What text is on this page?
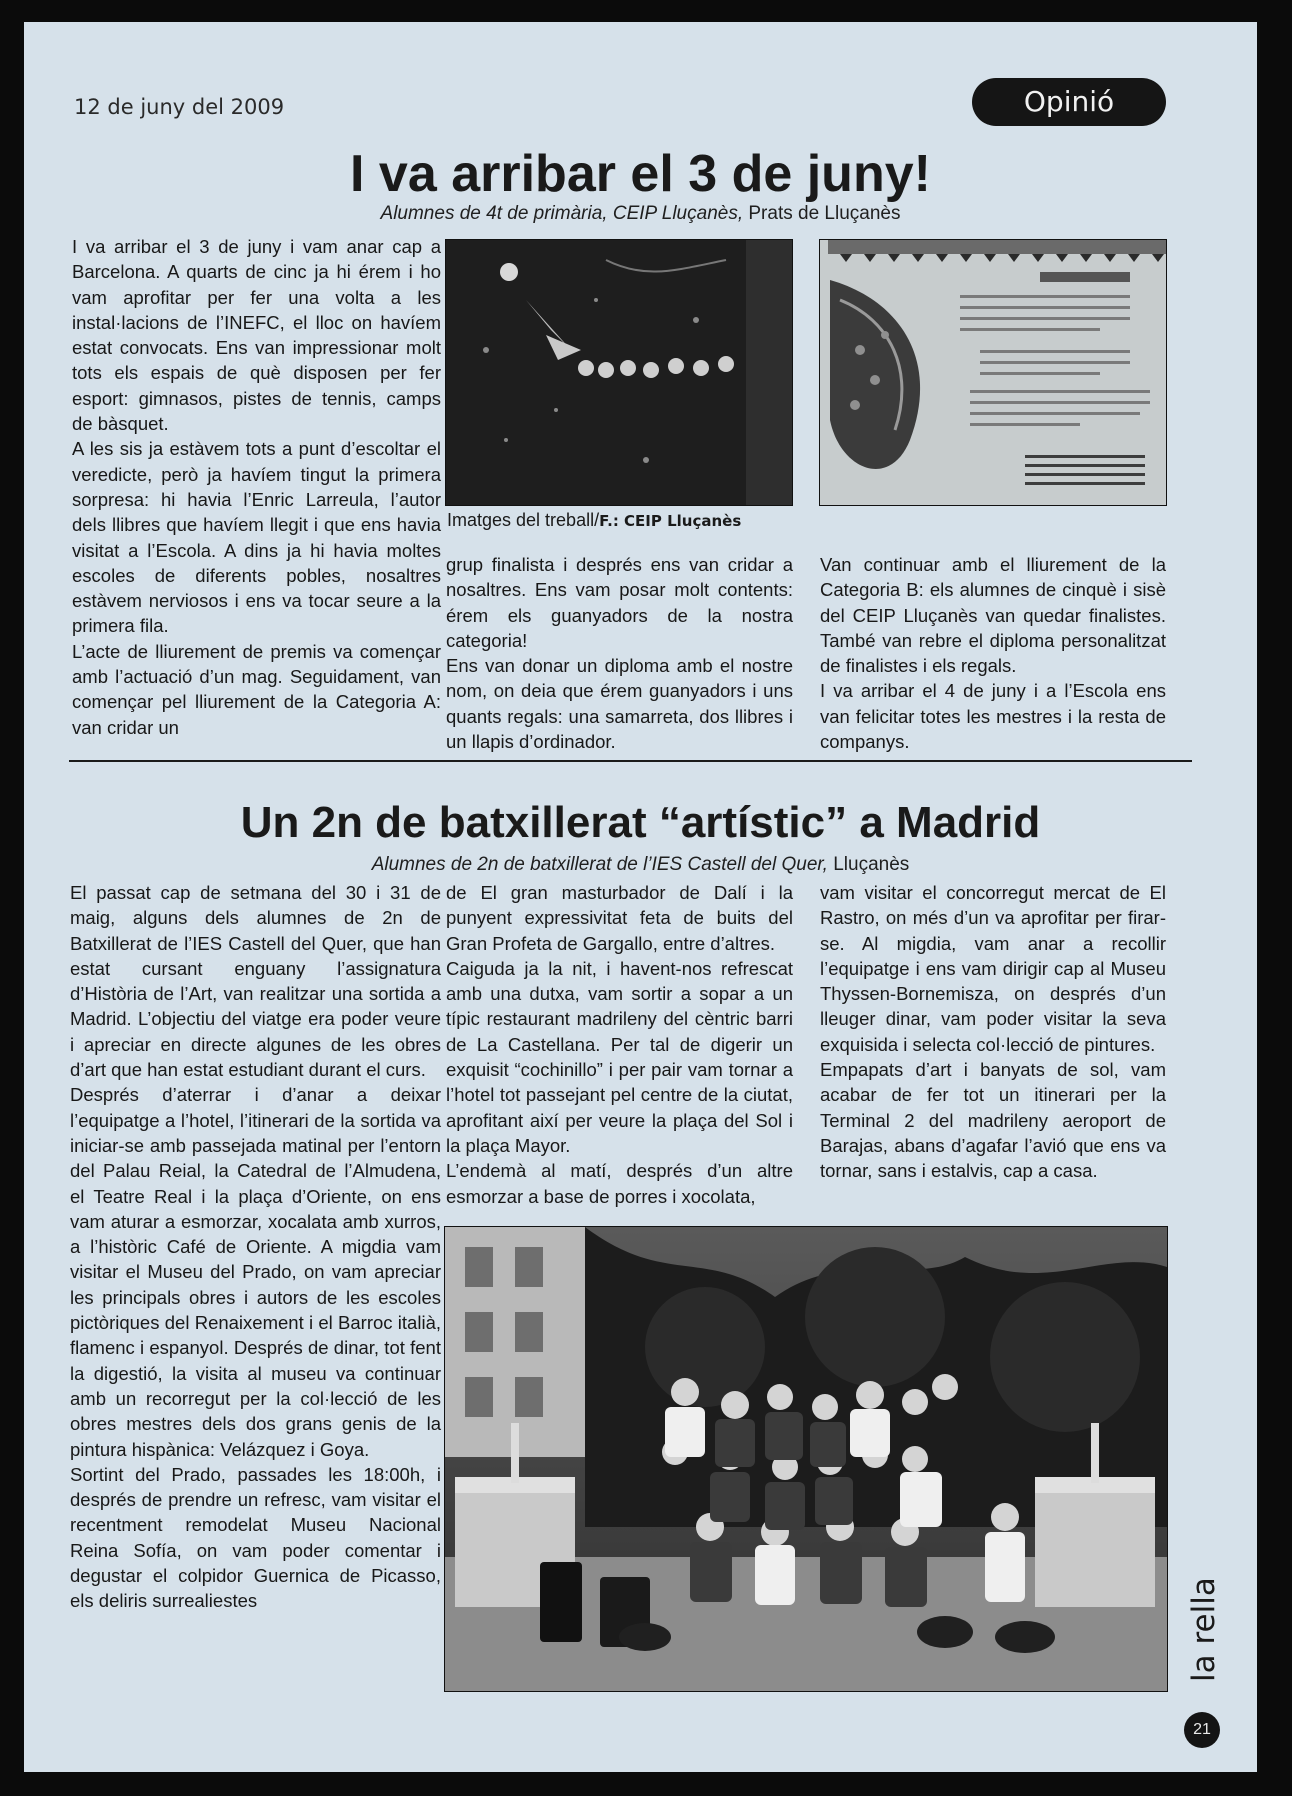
12 de juny del 2009	Opinió
I va arribar el 3 de juny!
Alumnes de 4t de primària, CEIP Lluçanès, Prats de Lluçanès

I va arribar el 3 de juny i vam anar cap a Barcelona. A quarts de cinc ja hi érem i ho vam aprofitar per fer una volta a les instal·lacions de l’INEFC, el lloc on havíem estat convocats. Ens van impressionar molt tots els espais de què disposen per fer esport: gimnasos, pistes de tennis, camps de bàsquet.

A les sis ja estàvem tots a punt d’escoltar el veredicte, però ja havíem tingut la primera sorpresa: hi havia l’Enric Larreula, l’autor dels llibres que havíem llegit i que ens havia visitat a l’Escola. A dins ja hi havia moltes escoles de diferents pobles, nosaltres estàvem nerviosos i ens va tocar seure a la primera fila.

L’acte de lliurement de premis va començar amb l’actuació d’un mag. Seguidament, van començar pel lliurement de la Categoria A: van cridar un

Imatges del treball/F.: CEIP Lluçanès

grup finalista i després ens van cridar a nosaltres. Ens vam posar molt contents: érem els guanyadors de la nostra categoria!

Ens van donar un diploma amb el nostre nom, on deia que érem guanyadors i uns quants regals: una samarreta, dos llibres i un llapis d’ordinador.

Van continuar amb el lliurement de la Categoria B: els alumnes de cinquè i sisè del CEIP Lluçanès van quedar finalistes. També van rebre el diploma personalitzat de finalistes i els regals.

I va arribar el 4 de juny i a l’Escola ens van felicitar totes les mestres i la resta de companys.

Un 2n de batxillerat “artístic” a Madrid
Alumnes de 2n de batxillerat de l’IES Castell del Quer, Lluçanès

El passat cap de setmana del 30 i 31 de maig, alguns dels alumnes de 2n de Batxillerat de l’IES Castell del Quer, que han estat cursant enguany l’assignatura d’Història de l’Art, van realitzar una sortida a Madrid. L’objectiu del viatge era poder veure i apreciar en directe algunes de les obres d’art que han estat estudiant durant el curs.

Després d’aterrar i d’anar a deixar l’equipatge a l’hotel, l’itinerari de la sortida va iniciar-se amb passejada matinal per l’entorn del Palau Reial, la Catedral de l’Almudena, el Teatre Real i la plaça d’Oriente, on ens vam aturar a esmorzar, xocalata amb xurros, a l’històric Café de Oriente. A migdia vam visitar el Museu del Prado, on vam apreciar les principals obres i autors de les escoles pictòriques del Renaixement i el Barroc italià, flamenc i espanyol. Després de dinar, tot fent la digestió, la visita al museu va continuar amb un recorregut per la col·lecció de les obres mestres dels dos grans genis de la pintura hispànica: Velázquez i Goya.

Sortint del Prado, passades les 18:00h, i després de prendre un refresc, vam visitar el recentment remodelat Museu Nacional Reina Sofía, on vam poder comentar i degustar el colpidor Guernica de Picasso, els deliris surrealiestes

de El gran masturbador de Dalí i la punyent expressivitat feta de buits del Gran Profeta de Gargallo, entre d’altres.

Caiguda ja la nit, i havent-nos refrescat amb una dutxa, vam sortir a sopar a un típic restaurant madrileny del cèntric barri de La Castellana. Per tal de digerir un exquisit “cochinillo” i per pair vam tornar a l’hotel tot passejant pel centre de la ciutat, aprofitant així per veure la plaça del Sol i la plaça Mayor.

L’endemà al matí, després d’un altre esmorzar a base de porres i xocolata,

vam visitar el concorregut mercat de El Rastro, on més d’un va aprofitar per firar-se. Al migdia, vam anar a recollir l’equipatge i ens vam dirigir cap al Museu Thyssen-Bornemisza, on després d’un lleuger dinar, vam poder visitar la seva exquisida i selecta col·lecció de pintures.

Empapats d’art i banyats de sol, vam acabar de fer tot un itinerari per la Terminal 2 del madrileny aeroport de Barajas, abans d’agafar l’avió que ens va tornar, sans i estalvis, cap a casa.

la rella
21
